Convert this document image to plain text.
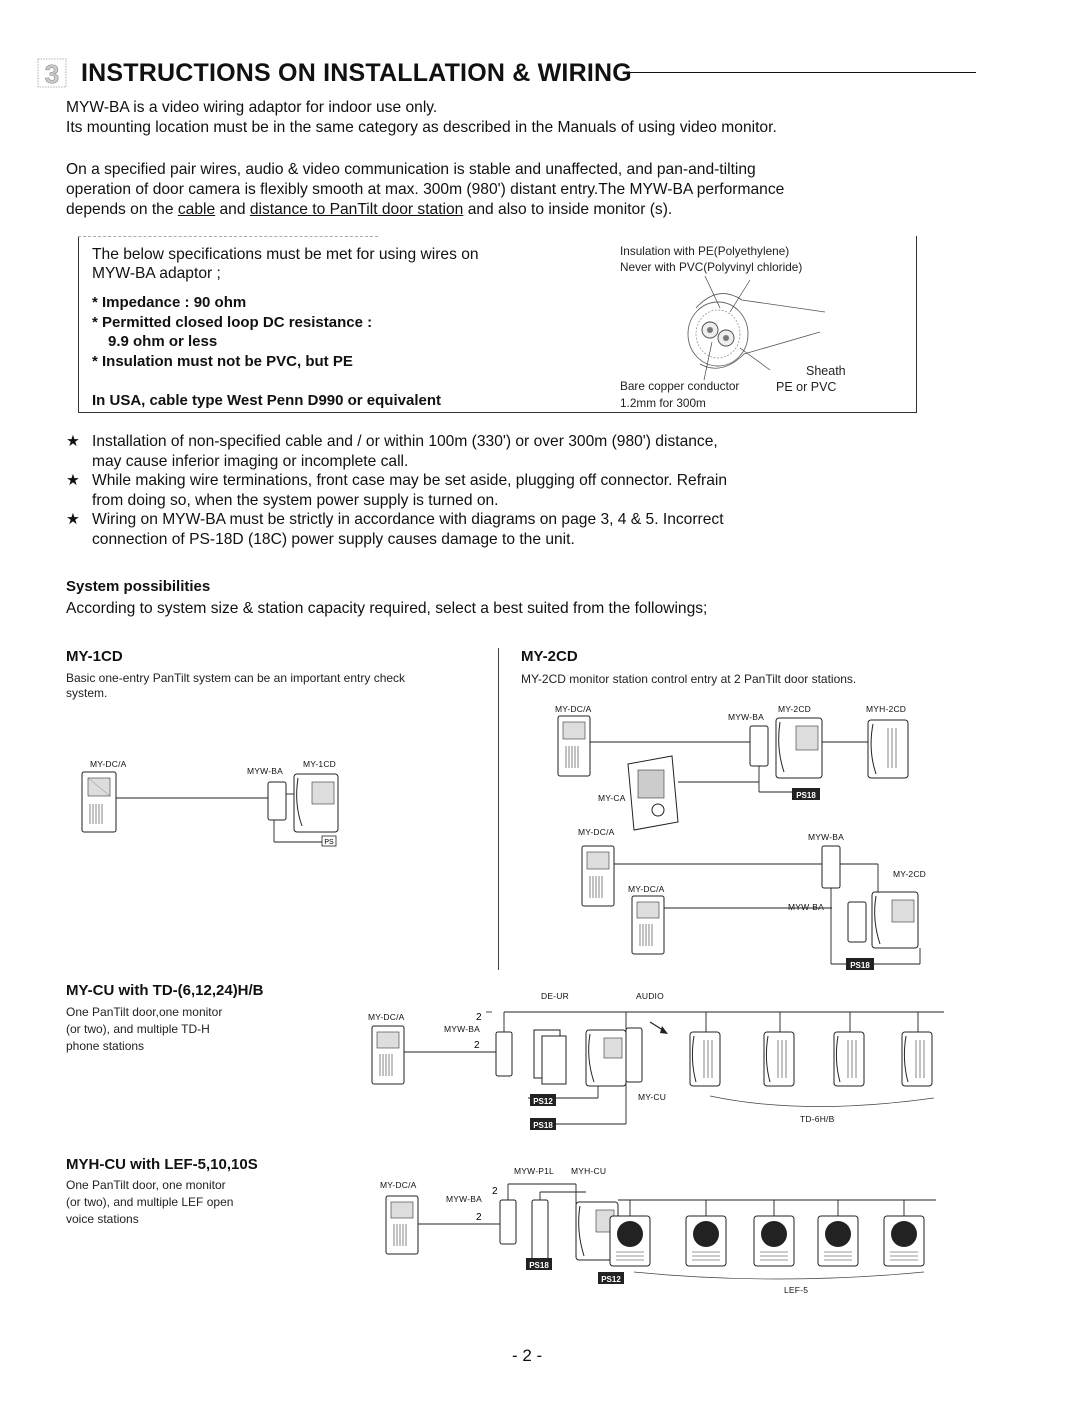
3 INSTRUCTIONS ON INSTALLATION & WIRING
MYW-BA is a video wiring adaptor for indoor use only.
Its mounting location must be in the same category as described in the Manuals of using video monitor.
On a specified pair wires, audio & video communication is stable and unaffected, and pan-and-tilting
operation of door camera is flexibly smooth at max. 300m (980') distant entry.The MYW-BA performance
depends on the cable and distance to PanTilt door station and also to inside monitor (s).
The below specifications must be met for using wires on
MYW-BA adaptor ;
* Impedance : 90 ohm
* Permitted closed loop DC resistance :
9.9 ohm or less
* Insulation must not be PVC, but PE
In USA, cable type West Penn D990 or equivalent
Insulation with PE(Polyethylene)
Never with PVC(Polyvinyl chloride)
Sheath
Bare copper conductor	PE or PVC
1.2mm for 300m
★ Installation of non-specified cable and / or within 100m (330') or over 300m (980') distance,
may cause inferior imaging or incomplete call.
★ While making wire terminations, front case may be set aside, plugging off connector. Refrain
from doing so, when the system power supply is turned on.
★ Wiring on MYW-BA must be strictly in accordance with diagrams on page 3, 4 & 5. Incorrect
connection of PS-18D (18C) power supply causes damage to the unit.
System possibilities
According to system size & station capacity required, select a best suited from the followings;
MY-1CD
Basic one-entry PanTilt system can be an important entry check
system.
MY-DC/A
MYW-BA
MY-1CD
PS
MY-2CD
MY-2CD monitor station control entry at 2 PanTilt door stations.
MY-DC/A
MYW-BA
MY-2CD	MYH-2CD
MY-CA
MY-DC/A	MYW-BA
MY-2CD
MY-DC/A
MYW-BA
PS18
PS18
MY-CU with TD-(6,12,24)H/B
One PanTilt door,one monitor
(or two), and multiple TD-H
phone stations
MY-DC/A
MYW-BA
DE-UR	AUDIO
MY-CU
TD-6H/B
2
2
PS12
PS18
MYH-CU with LEF-5,10,10S
One PanTilt door, one monitor
(or two), and multiple LEF open
voice stations
MY-DC/A
MYW-BA
MYW-P1L MYH-CU
LEF-5
2
2
PS18
PS12
- 2 -
